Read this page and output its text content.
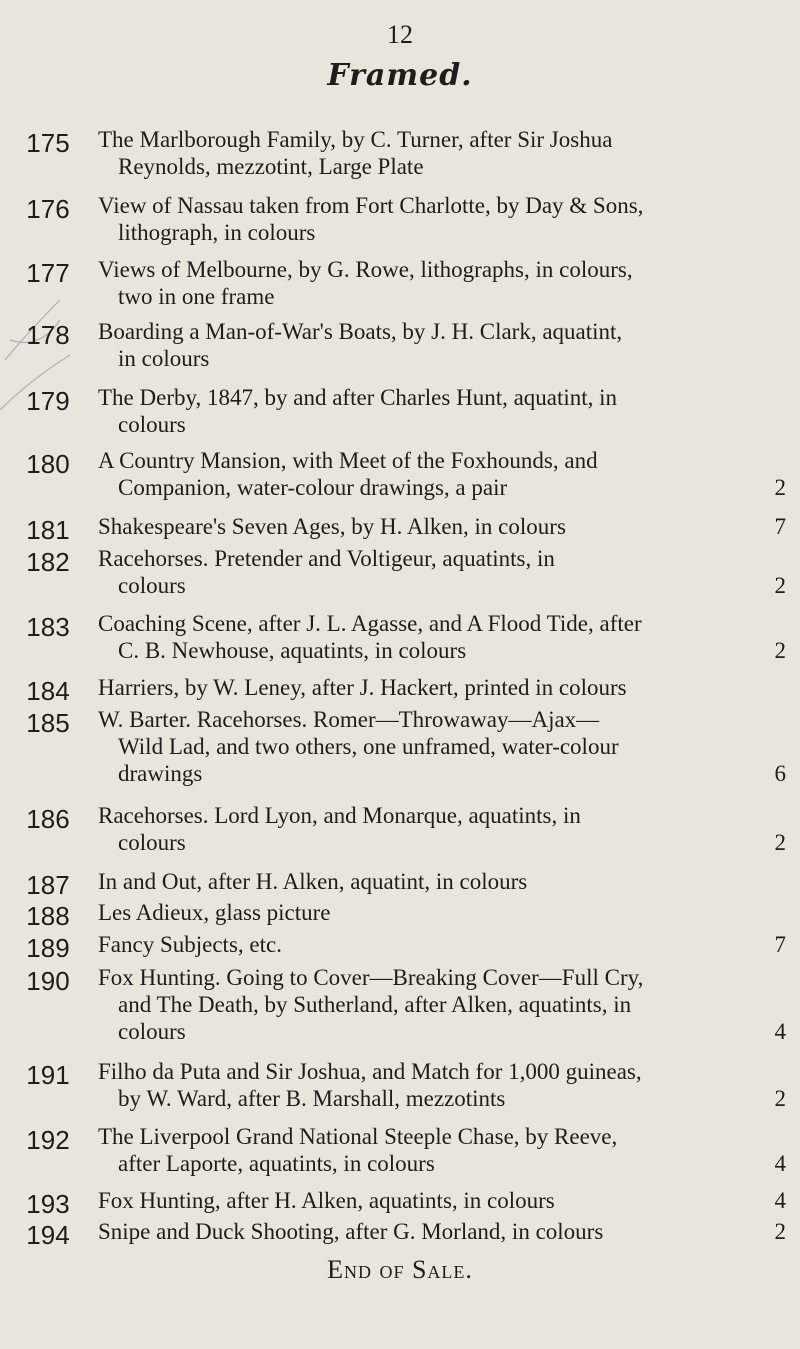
12
Framed.
175	The Marlborough Family, by C. Turner, after Sir Joshua
Reynolds, mezzotint, Large Plate
176	View of Nassau taken from Fort Charlotte, by Day & Sons,
lithograph, in colours
177	Views of Melbourne, by G. Rowe, lithographs, in colours,
two in one frame
178	Boarding a Man-of-War's Boats, by J. H. Clark, aquatint,
in colours
179	The Derby, 1847, by and after Charles Hunt, aquatint, in
colours
180	A Country Mansion, with Meet of the Foxhounds, and
Companion, water-colour drawings, a pair	2
181	Shakespeare's Seven Ages, by H. Alken, in colours	7
182	Racehorses. Pretender and Voltigeur, aquatints, in
colours	2
183	Coaching Scene, after J. L. Agasse, and A Flood Tide, after
C. B. Newhouse, aquatints, in colours	2
184	Harriers, by W. Leney, after J. Hackert, printed in colours
185	W. Barter. Racehorses. Romer—Throwaway—Ajax—
Wild Lad, and two others, one unframed, water-colour
drawings	6
186	Racehorses. Lord Lyon, and Monarque, aquatints, in
colours	2
187	In and Out, after H. Alken, aquatint, in colours
188	Les Adieux, glass picture
189	Fancy Subjects, etc.	7
190	Fox Hunting. Going to Cover—Breaking Cover—Full Cry,
and The Death, by Sutherland, after Alken, aquatints, in
colours	4
191	Filho da Puta and Sir Joshua, and Match for 1,000 guineas,
by W. Ward, after B. Marshall, mezzotints	2
192	The Liverpool Grand National Steeple Chase, by Reeve,
after Laporte, aquatints, in colours	4
193	Fox Hunting, after H. Alken, aquatints, in colours	4
194	Snipe and Duck Shooting, after G. Morland, in colours	2
End of Sale.
